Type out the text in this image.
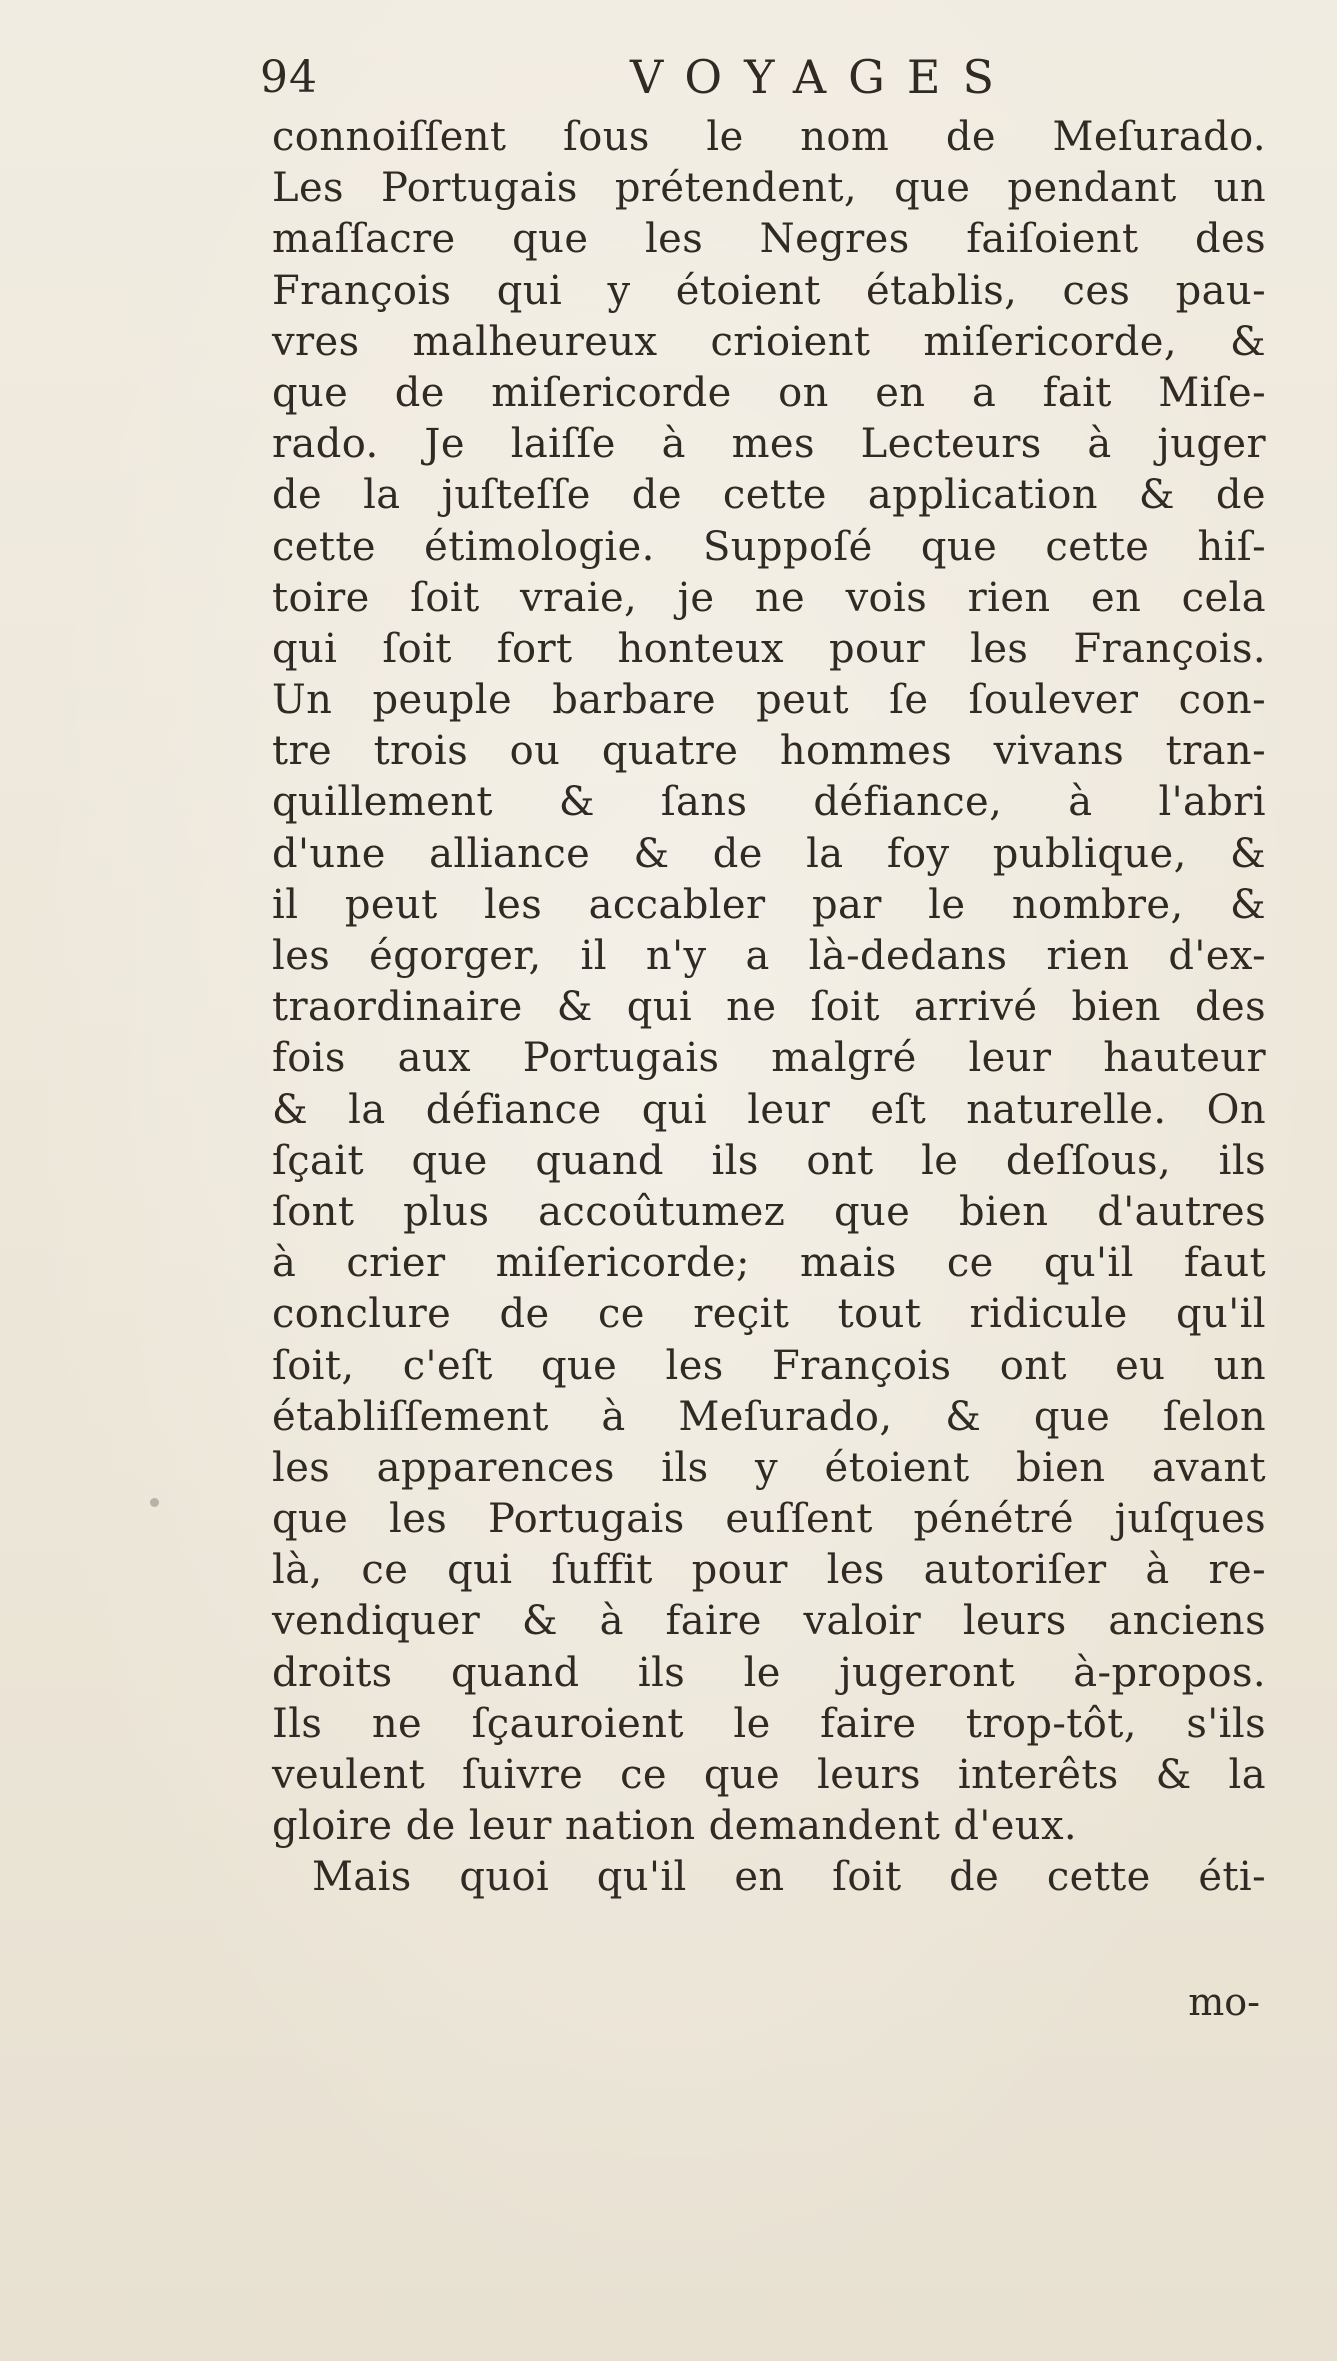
94	VOYAGES
connoiſſent ſous le nom de Meſurado.
Les Portugais prétendent, que pendant un
maſſacre que les Negres faiſoient des
François qui y étoient établis, ces pau-
vres malheureux crioient miſericorde, &
que de miſericorde on en a fait Miſe-
rado. Je laiſſe à mes Lecteurs à juger
de la juſteſſe de cette application & de
cette étimologie. Suppoſé que cette hiſ-
toire ſoit vraie, je ne vois rien en cela
qui ſoit fort honteux pour les François.
Un peuple barbare peut ſe ſoulever con-
tre trois ou quatre hommes vivans tran-
quillement & ſans défiance, à l'abri
d'une alliance & de la foy publique, &
il peut les accabler par le nombre, &
les égorger, il n'y a là-dedans rien d'ex-
traordinaire & qui ne ſoit arrivé bien des
fois aux Portugais malgré leur hauteur
& la défiance qui leur eſt naturelle. On
ſçait que quand ils ont le deſſous, ils
ſont plus accoûtumez que bien d'autres
à crier miſericorde; mais ce qu'il faut
conclure de ce reçit tout ridicule qu'il
ſoit, c'eſt que les François ont eu un
établiſſement à Meſurado, & que ſelon
les apparences ils y étoient bien avant
que les Portugais euſſent pénétré juſques
là, ce qui ſuffit pour les autoriſer à re-
vendiquer & à faire valoir leurs anciens
droits quand ils le jugeront à-propos.
Ils ne ſçauroient le faire trop-tôt, s'ils
veulent ſuivre ce que leurs interêts & la
gloire de leur nation demandent d'eux.
Mais quoi qu'il en ſoit de cette éti-
mo-
